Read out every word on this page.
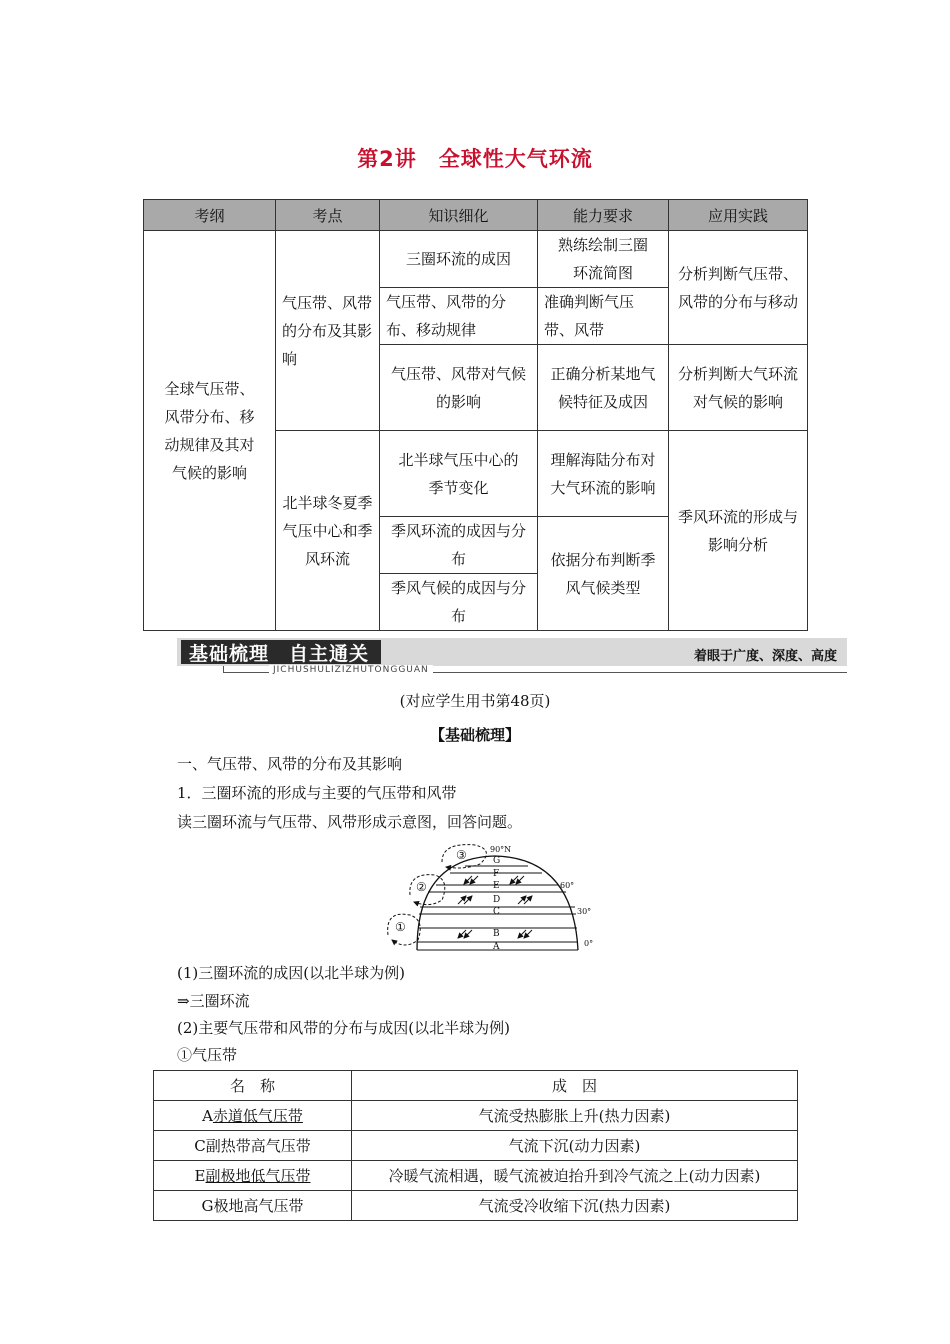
第2讲　全球性大气环流
考纲	考点	知识细化	能力要求	应用实践
全球气压带、风带分布、移动规律及其对气候的影响	气压带、风带的分布及其影响	三圈环流的成因	熟练绘制三圈环流简图	分析判断气压带、风带的分布与移动
		气压带、风带的分布、移动规律	准确判断气压带、风带	
		气压带、风带对气候的影响	正确分析某地气候特征及成因	分析判断大气环流对气候的影响
	北半球冬夏季气压中心和季风环流	北半球气压中心的季节变化	理解海陆分布对大气环流的影响	季风环流的形成与影响分析
		季风环流的成因与分布	依据分布判断季风气候类型	
		季风气候的成因与分布		
基础梳理 自主通关	着眼于广度、深度、高度
JICHUSHULIZIZHUTONGGUAN
(对应学生用书第48页)
【基础梳理】
一、气压带、风带的分布及其影响
1．三圈环流的形成与主要的气压带和风带
读三圈环流与气压带、风带形成示意图，回答问题。
A
B
C
D
E
F
G
90°N
60°
30°
0°
③
②
①
(1)三圈环流的成因(以北半球为例)
⇒三圈环流
(2)主要气压带和风带的分布与成因(以北半球为例)
①气压带
名　称	成　因
A赤道低气压带	气流受热膨胀上升(热力因素)
C副热带高气压带	气流下沉(动力因素)
E副极地低气压带	冷暖气流相遇，暖气流被迫抬升到冷气流之上(动力因素)
G极地高气压带	气流受冷收缩下沉(热力因素)
